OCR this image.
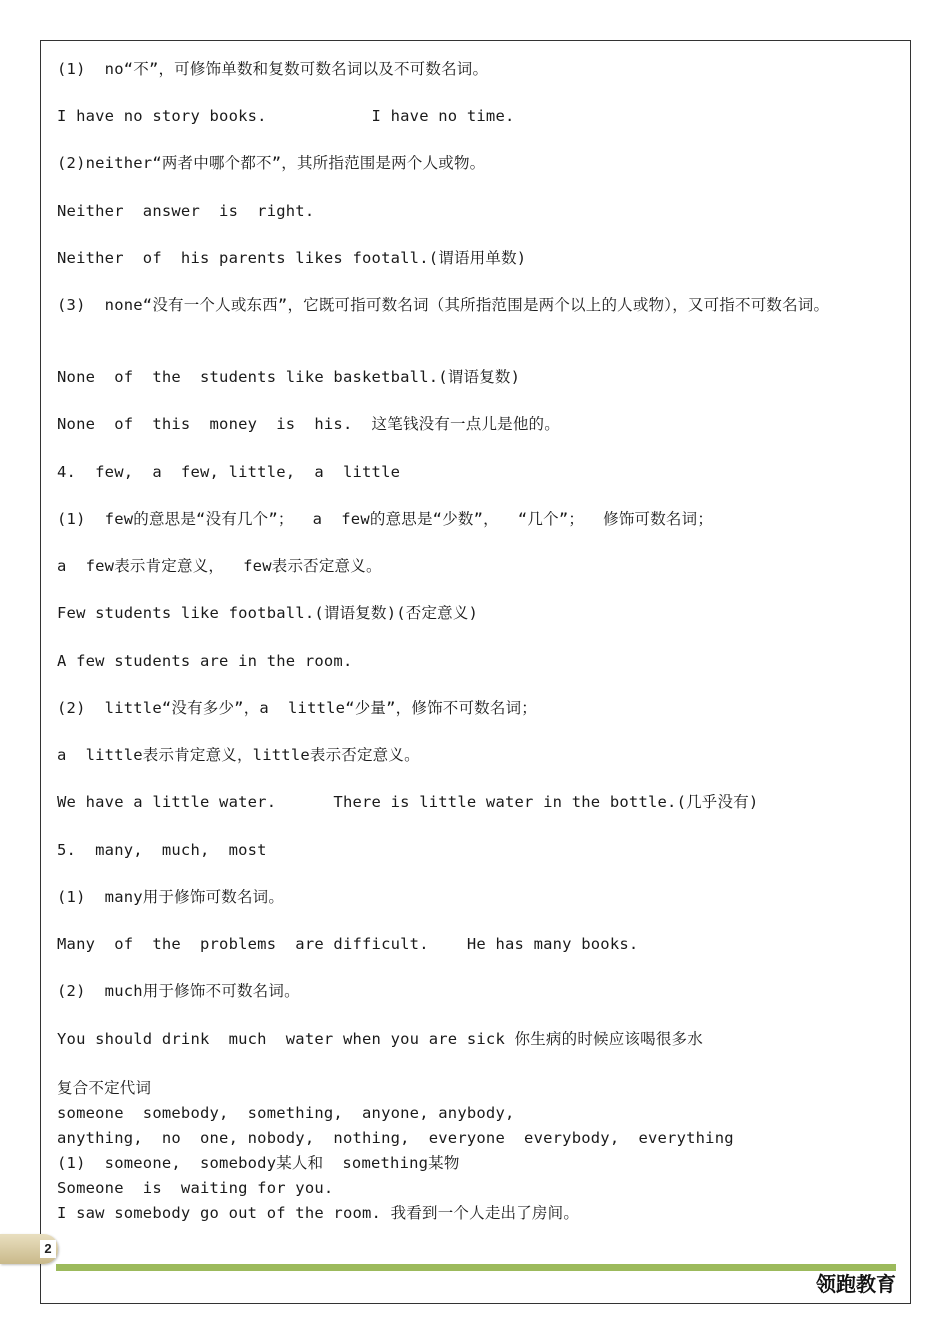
(1)  no“不”，可修饰单数和复数可数名词以及不可数名词。
I have no story books.           I have no time.
(2)neither“两者中哪个都不”，其所指范围是两个人或物。
Neither  answer  is  right.
Neither  of  his parents likes footall.(谓语用单数)
(3)  none“没有一个人或东西”，它既可指可数名词（其所指范围是两个以上的人或物），又可指不可数名词。
None  of  the  students like basketball.(谓语复数)
None  of  this  money  is  his.  这笔钱没有一点儿是他的。
4.  few,  a  few, little,  a  little
(1)  few的意思是“没有几个”；  a  few的意思是“少数”，  “几个”；  修饰可数名词；
a  few表示肯定意义，  few表示否定意义。
Few students like football.(谓语复数)(否定意义)
A few students are in the room.
(2)  little“没有多少”，a  little“少量”，修饰不可数名词；
a  little表示肯定意义，little表示否定意义。
We have a little water.      There is little water in the bottle.(几乎没有)
5.  many,  much,  most
(1)  many用于修饰可数名词。
Many  of  the  problems  are difficult.    He has many books.
(2)  much用于修饰不可数名词。
You should drink  much  water when you are sick 你生病的时候应该喝很多水
复合不定代词
someone  somebody,  something,  anyone, anybody,
anything,  no  one, nobody,  nothing,  everyone  everybody,  everything
(1)  someone,  somebody某人和  something某物
Someone  is  waiting for you.
I saw somebody go out of the room. 我看到一个人走出了房间。
2
领跑教育
